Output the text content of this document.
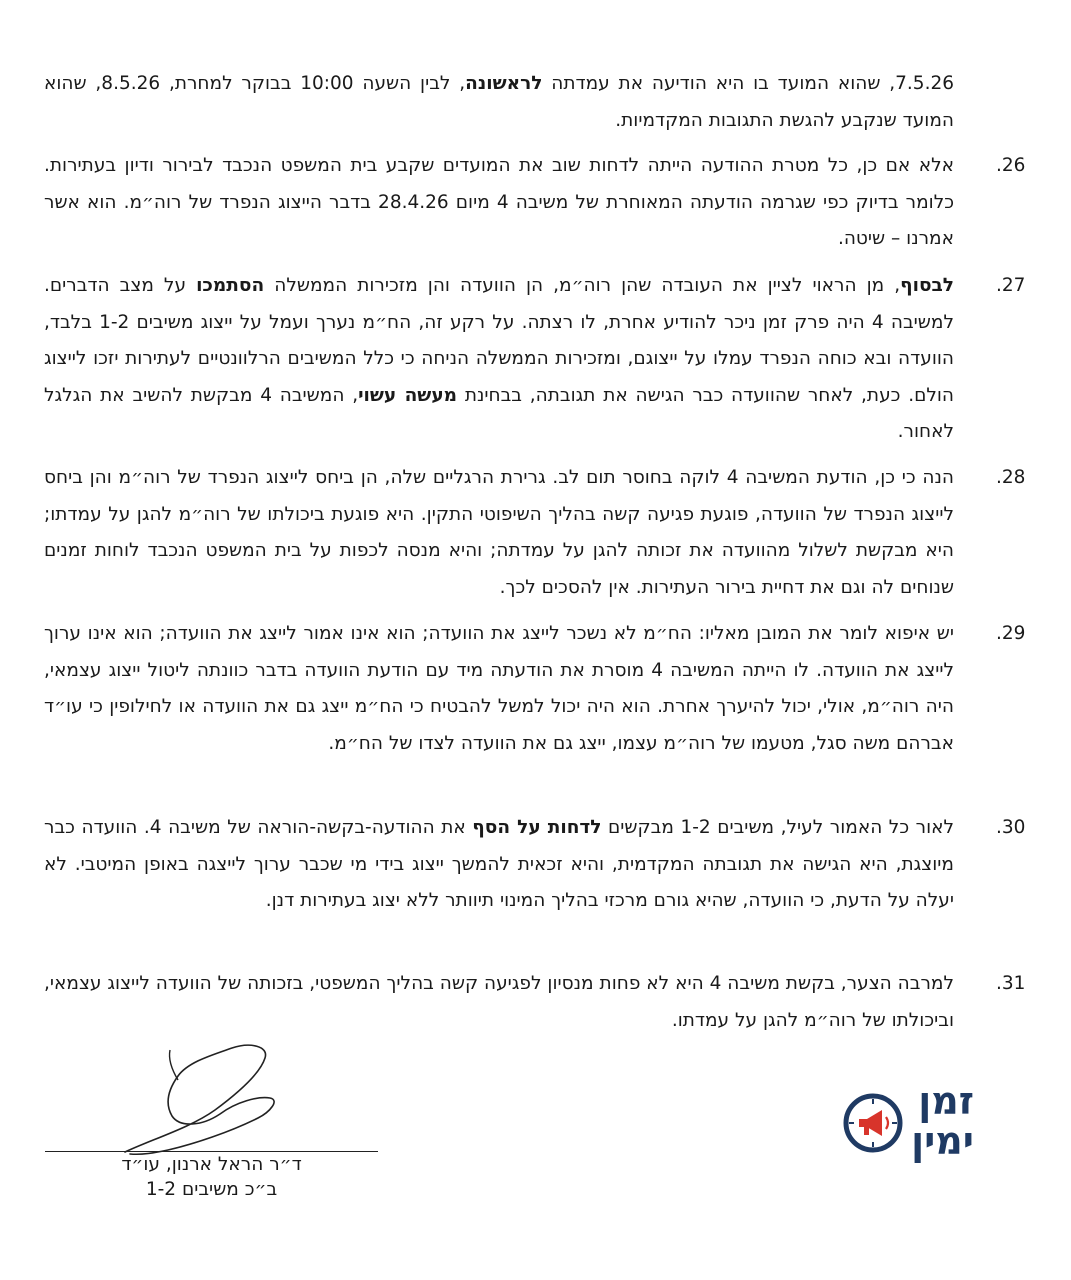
7.5.26, שהוא המועד בו היא הודיעה את עמדתה לראשונה, לבין השעה 10:00 בבוקר למחרת, 8.5.26, שהוא המועד שנקבע להגשת התגובות המקדמיות.

.26

אלא אם כן, כל מטרת ההודעה הייתה לדחות שוב את המועדים שקבע בית המשפט הנכבד לבירור ודיון בעתירות. כלומר בדיוק כפי שגרמה הודעתה המאוחרת של משיבה 4 מיום 28.4.26 בדבר הייצוג הנפרד של רוה״מ. הוא אשר אמרנו – שיטה.

.27

לבסוף, מן הראוי לציין את העובדה שהן רוה״מ, הן הוועדה והן מזכירות הממשלה הסתמכו על מצב הדברים. למשיבה 4 היה פרק זמן ניכר להודיע אחרת, לו רצתה. על רקע זה, הח״מ נערך ועמל על ייצוג משיבים 1-2 בלבד, הוועדה ובא כוחה הנפרד עמלו על ייצוגם, ומזכירות הממשלה הניחה כי כלל המשיבים הרלוונטיים לעתירות יזכו לייצוג הולם. כעת, לאחר שהוועדה כבר הגישה את תגובתה, בבחינת מעשה עשוי, המשיבה 4 מבקשת להשיב את הגלגל לאחור.

.28

הנה כי כן, הודעת המשיבה 4 לוקה בחוסר תום לב. גרירת הרגליים שלה, הן ביחס לייצוג הנפרד של רוה״מ והן ביחס לייצוג הנפרד של הוועדה, פוגעת פגיעה קשה בהליך השיפוטי התקין. היא פוגעת ביכולתו של רוה״מ להגן על עמדתו; היא מבקשת לשלול מהוועדה את זכותה להגן על עמדתה; והיא מנסה לכפות על בית המשפט הנכבד לוחות זמנים שנוחים לה וגם את דחיית בירור העתירות. אין להסכים לכך.

.29

יש איפוא לומר את המובן מאליו: הח״מ לא נשכר לייצג את הוועדה; הוא אינו אמור לייצג את הוועדה; הוא אינו ערוך לייצג את הוועדה. לו הייתה המשיבה 4 מוסרת את הודעתה מיד עם הודעת הוועדה בדבר כוונתה ליטול ייצוג עצמאי, היה רוה״מ, אולי, יכול להיערך אחרת. הוא היה יכול למשל להבטיח כי הח״מ ייצג גם את הוועדה או לחילופין כי עו״ד אברהם משה סגל, מטעמו של רוה״מ עצמו, ייצג גם את הוועדה לצדו של הח״מ.

.30

לאור כל האמור לעיל, משיבים 1-2 מבקשים לדחות על הסף את ההודעה-בקשה-הוראה של משיבה 4. הוועדה כבר מיוצגת, היא הגישה את תגובתה המקדמית, והיא זכאית להמשך ייצוג בידי מי שכבר ערוך לייצגה באופן המיטבי. לא יעלה על הדעת, כי הוועדה, שהיא גורם מרכזי בהליך המינוי תיוותר ללא יצוג בעתירות דנן.

.31

למרבה הצער, בקשת משיבה 4 היא לא פחות מנסיון לפגיעה קשה בהליך המשפטי, בזכותה של הוועדה לייצוג עצמאי, וביכולתו של רוה״מ להגן על עמדתו.

ד״ר הראל ארנון, עו״ד
ב״כ משיבים 1-2
זמן
ימין
